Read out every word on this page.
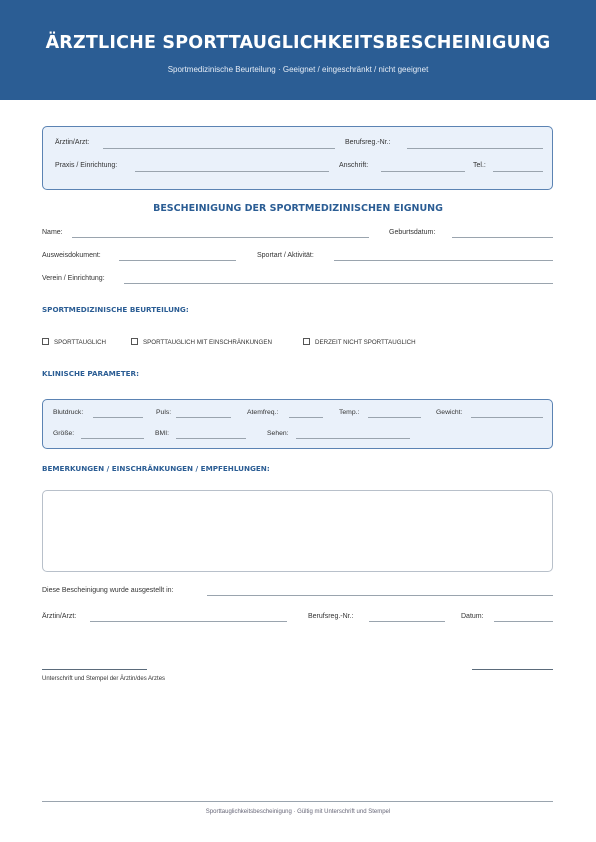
ÄRZTLICHE SPORTTAUGLICHKEITSBESCHEINIGUNG
Sportmedizinische Beurteilung · Geeignet / eingeschränkt / nicht geeignet
Ärztin/Arzt:	Berufsreg.-Nr.:
Praxis / Einrichtung:	Anschrift:	Tel.:
BESCHEINIGUNG DER SPORTMEDIZINISCHEN EIGNUNG
Name:	Geburtsdatum:
Ausweisdokument:	Sportart / Aktivität:
Verein / Einrichtung:
SPORTMEDIZINISCHE BEURTEILUNG:
SPORTTAUGLICH	SPORTTAUGLICH MIT EINSCHRÄNKUNGEN	DERZEIT NICHT SPORTTAUGLICH
KLINISCHE PARAMETER:
Blutdruck:	Puls:	Atemfreq.:	Temp.:	Gewicht:
Größe:	BMI:	Sehen:
BEMERKUNGEN / EINSCHRÄNKUNGEN / EMPFEHLUNGEN:
Diese Bescheinigung wurde ausgestellt in:
Ärztin/Arzt:	Berufsreg.-Nr.:	Datum:
Unterschrift und Stempel der Ärztin/des Arztes
Sporttauglichkeitsbescheinigung · Gültig mit Unterschrift und Stempel
